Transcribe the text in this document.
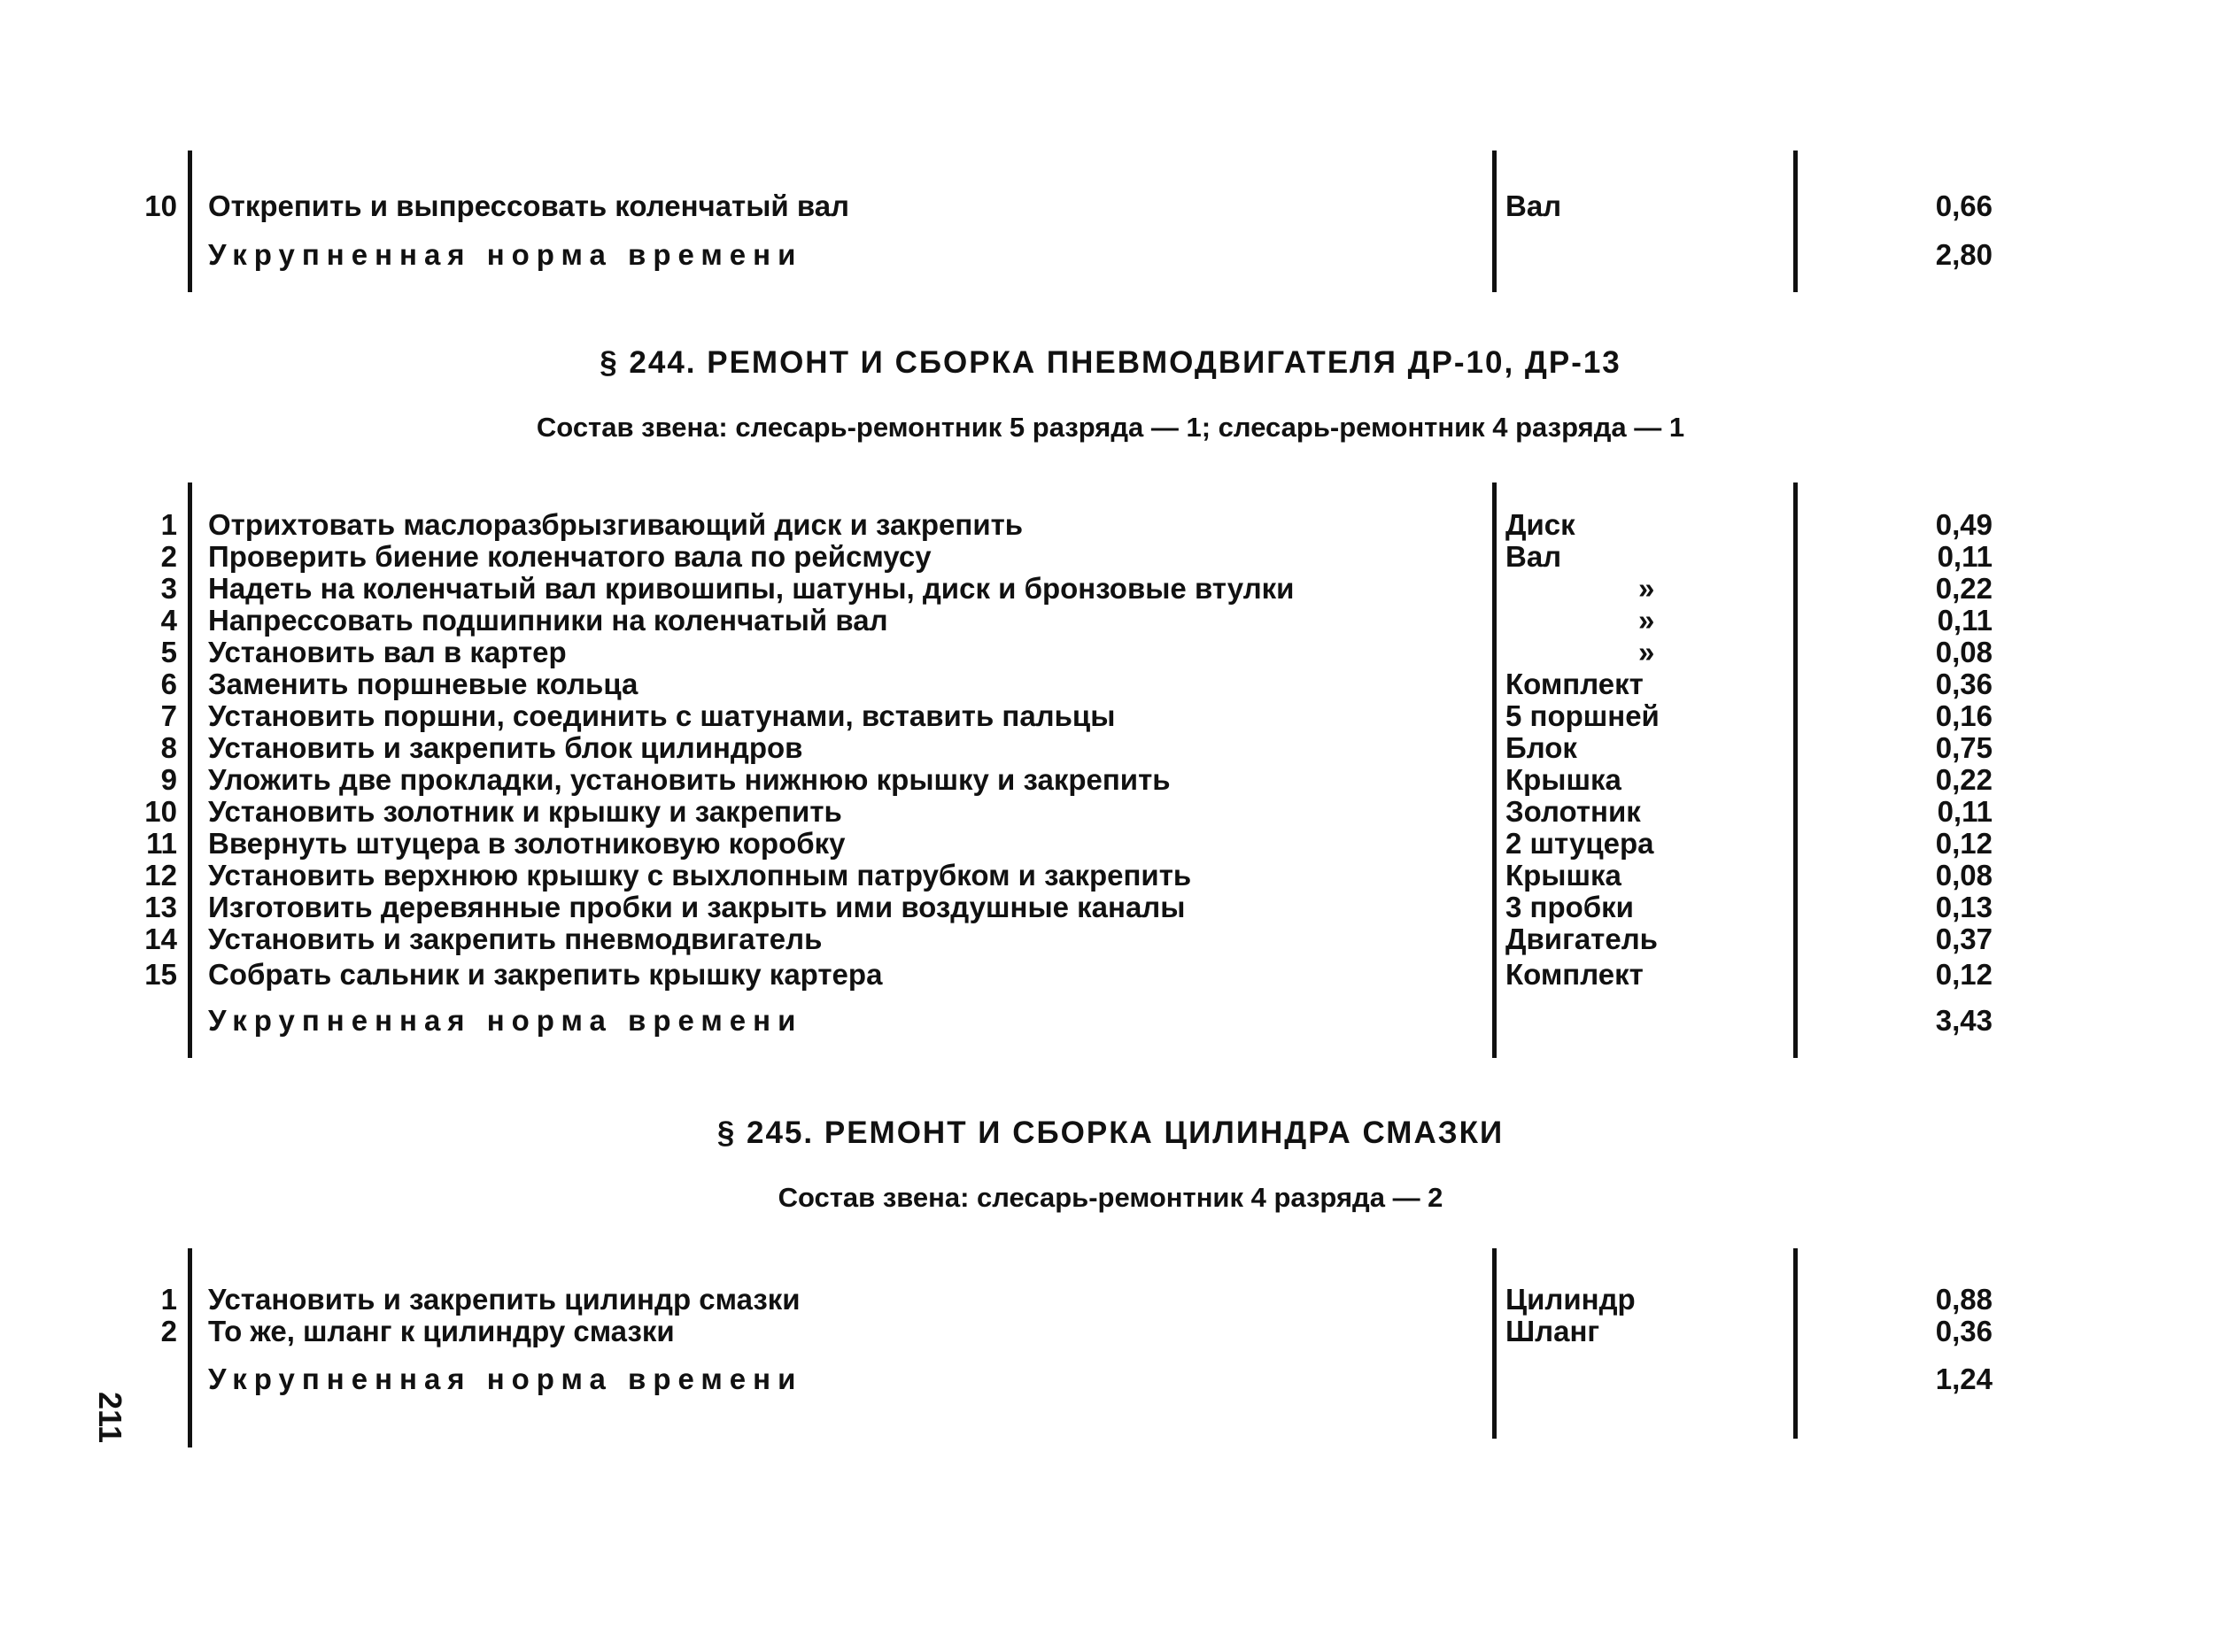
10 Открепить и выпрессовать коленчатый вал	Вал	0,66
Укрупненная норма времени	2,80
§ 244. РЕМОНТ И СБОРКА ПНЕВМОДВИГАТЕЛЯ ДР-10, ДР-13
Состав звена: слесарь-ремонтник 5 разряда — 1; слесарь-ремонтник 4 разряда — 1
1 Отрихтовать маслоразбрызгивающий диск и закрепить	Диск	0,49
2 Проверить биение коленчатого вала по рейсмусу	Вал	0,11
3 Надеть на коленчатый вал кривошипы, шатуны, диск и бронзовые втулки	»	0,22
4 Напрессовать подшипники на коленчатый вал	»	0,11
5 Установить вал в картер	»	0,08
6 Заменить поршневые кольца	Комплект	0,36
7 Установить поршни, соединить с шатунами, вставить пальцы	5 поршней	0,16
8 Установить и закрепить блок цилиндров	Блок	0,75
9 Уложить две прокладки, установить нижнюю крышку и закрепить	Крышка	0,22
10 Установить золотник и крышку и закрепить	Золотник	0,11
11 Ввернуть штуцера в золотниковую коробку	2 штуцера	0,12
12 Установить верхнюю крышку с выхлопным патрубком и закрепить	Крышка	0,08
13 Изготовить деревянные пробки и закрыть ими воздушные каналы	3 пробки	0,13
14 Установить и закрепить пневмодвигатель	Двигатель	0,37
15 Собрать сальник и закрепить крышку картера	Комплект	0,12
Укрупненная норма времени	3,43
§ 245. РЕМОНТ И СБОРКА ЦИЛИНДРА СМАЗКИ
Состав звена: слесарь-ремонтник 4 разряда — 2
1 Установить и закрепить цилиндр смазки	Цилиндр	0,88
2 То же, шланг к цилиндру смазки	Шланг	0,36
Укрупненная норма времени	1,24
211
